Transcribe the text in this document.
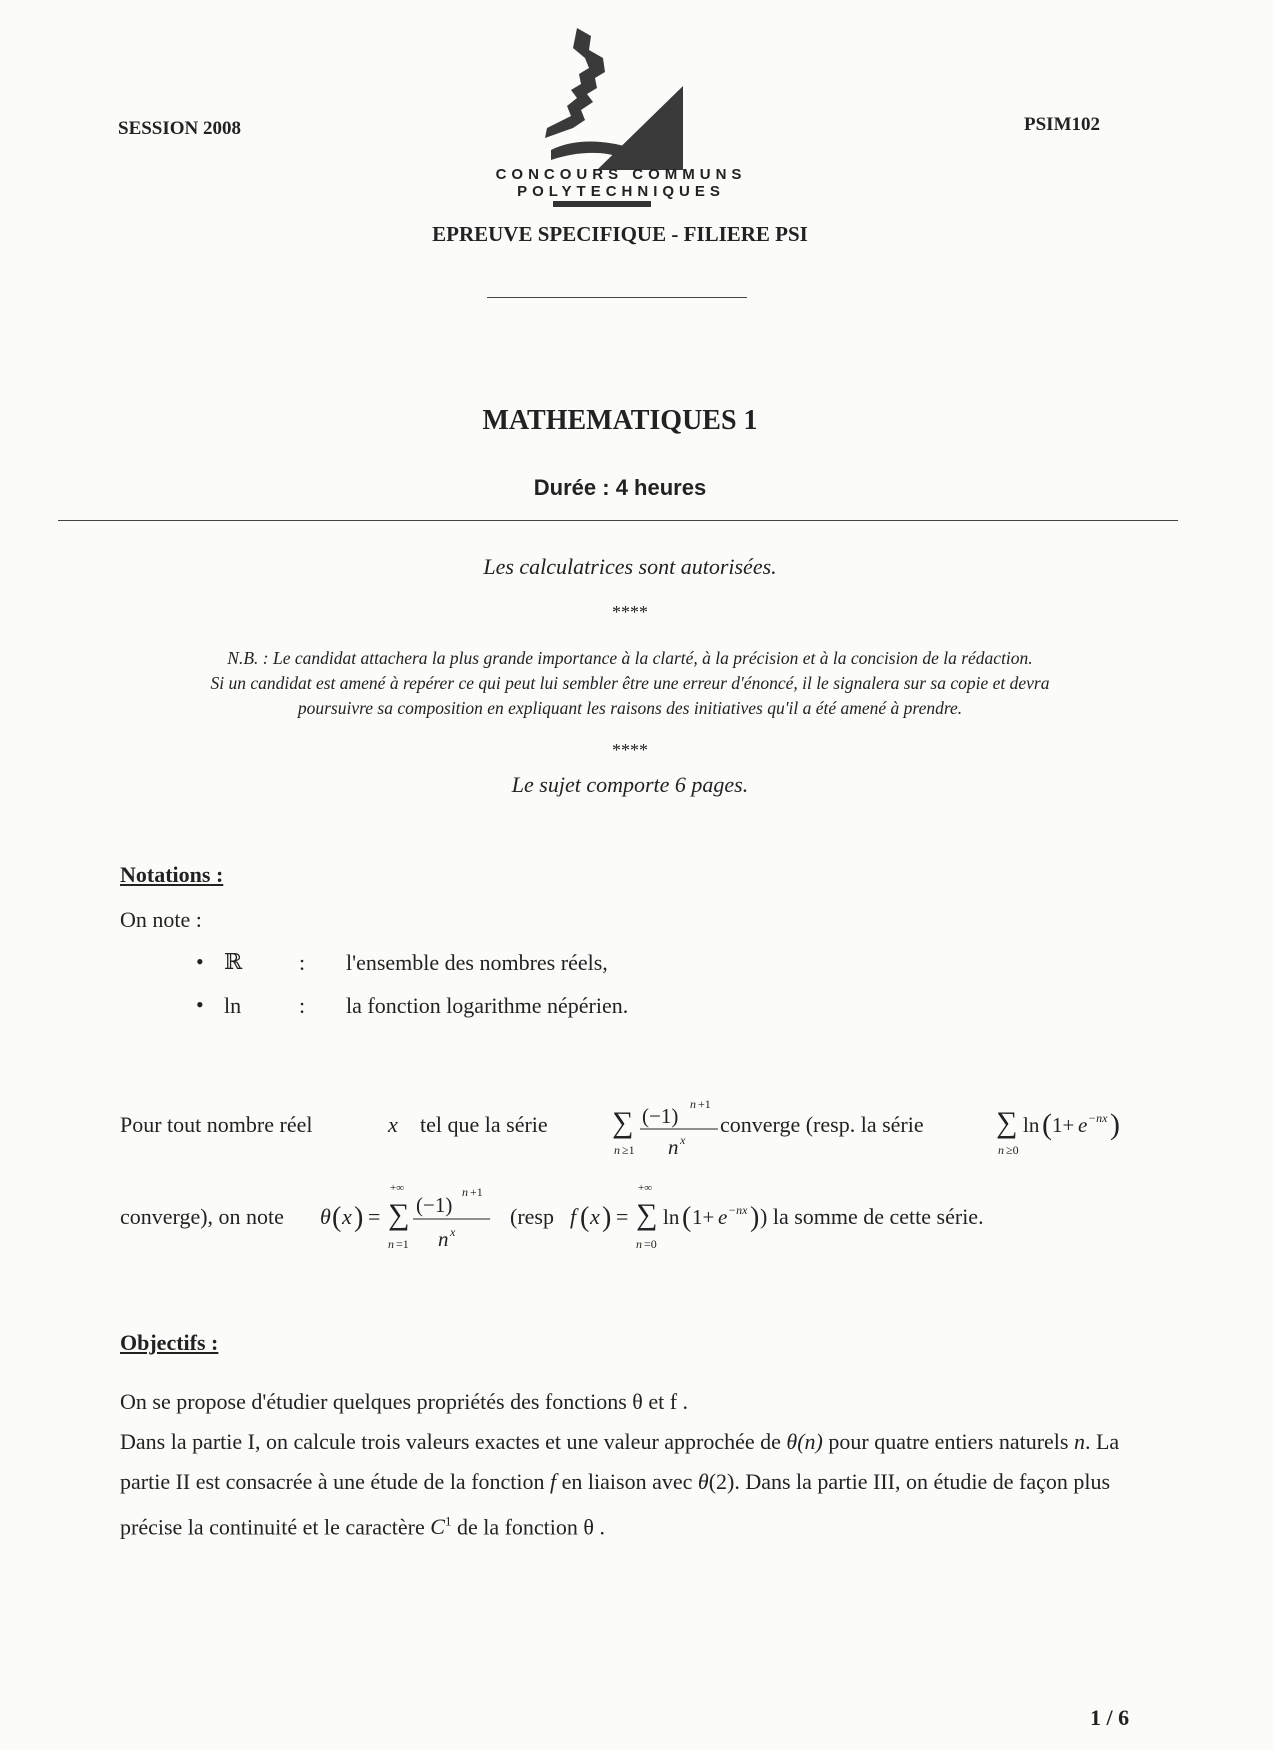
SESSION 2008	PSIM102
CONCOURS COMMUNS POLYTECHNIQUES
EPREUVE SPECIFIQUE - FILIERE PSI
MATHEMATIQUES 1
Durée : 4 heures
Les calculatrices sont autorisées.
****
N.B. : Le candidat attachera la plus grande importance à la clarté, à la précision et à la concision de la rédaction.
Si un candidat est amené à repérer ce qui peut lui sembler être une erreur d'énoncé, il le signalera sur sa copie et devra
poursuivre sa composition en expliquant les raisons des initiatives qu'il a été amené à prendre.
****
Le sujet comporte 6 pages.
Notations :
On note :
• ℝ	: l'ensemble des nombres réels,
• ln	: la fonction logarithme népérien.
Pour tout nombre réel	x tel que la série ∑
n ≥1
(−1) n +1
n x
converge (resp. la série ∑
n ≥0
ln ( 1+ e −nx )
converge), on note θ ( x ) = ∑
+∞
n =1
(−1)
n +1
n x
(resp f ( x ) = ∑
+∞
n =0
ln ( 1+ e −nx ) ) la somme de cette série.
Objectifs :
On se propose d'étudier quelques propriétés des fonctions θ et f .
Dans la partie I, on calcule trois valeurs exactes et une valeur approchée de θ(n) pour quatre entiers naturels n. La partie II est consacrée à une étude de la fonction f en liaison avec θ(2). Dans la partie III, on étudie de façon plus précise la continuité et le caractère $C^1$ de la fonction θ .
1 / 6
